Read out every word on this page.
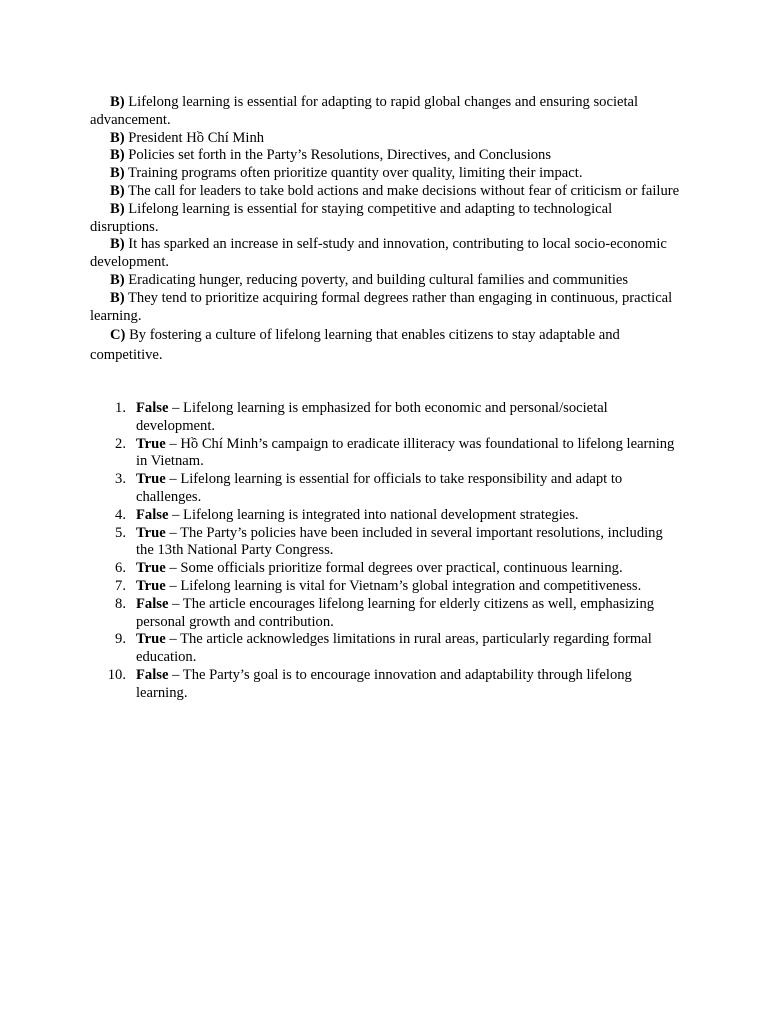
B) Lifelong learning is essential for adapting to rapid global changes and ensuring societal advancement.

B) President Hồ Chí Minh

B) Policies set forth in the Party’s Resolutions, Directives, and Conclusions

B) Training programs often prioritize quantity over quality, limiting their impact.

B) The call for leaders to take bold actions and make decisions without fear of criticism or failure

B) Lifelong learning is essential for staying competitive and adapting to technological disruptions.

B) It has sparked an increase in self-study and innovation, contributing to local socio-economic development.

B) Eradicating hunger, reducing poverty, and building cultural families and communities

B) They tend to prioritize acquiring formal degrees rather than engaging in continuous, practical learning.

C) By fostering a culture of lifelong learning that enables citizens to stay adaptable and competitive.

1. False – Lifelong learning is emphasized for both economic and personal/societal development.
2. True – Hồ Chí Minh’s campaign to eradicate illiteracy was foundational to lifelong learning in Vietnam.
3. True – Lifelong learning is essential for officials to take responsibility and adapt to challenges.
4. False – Lifelong learning is integrated into national development strategies.
5. True – The Party’s policies have been included in several important resolutions, including the 13th National Party Congress.
6. True – Some officials prioritize formal degrees over practical, continuous learning.
7. True – Lifelong learning is vital for Vietnam’s global integration and competitiveness.
8. False – The article encourages lifelong learning for elderly citizens as well, emphasizing personal growth and contribution.
9. True – The article acknowledges limitations in rural areas, particularly regarding formal education.
10. False – The Party’s goal is to encourage innovation and adaptability through lifelong learning.
